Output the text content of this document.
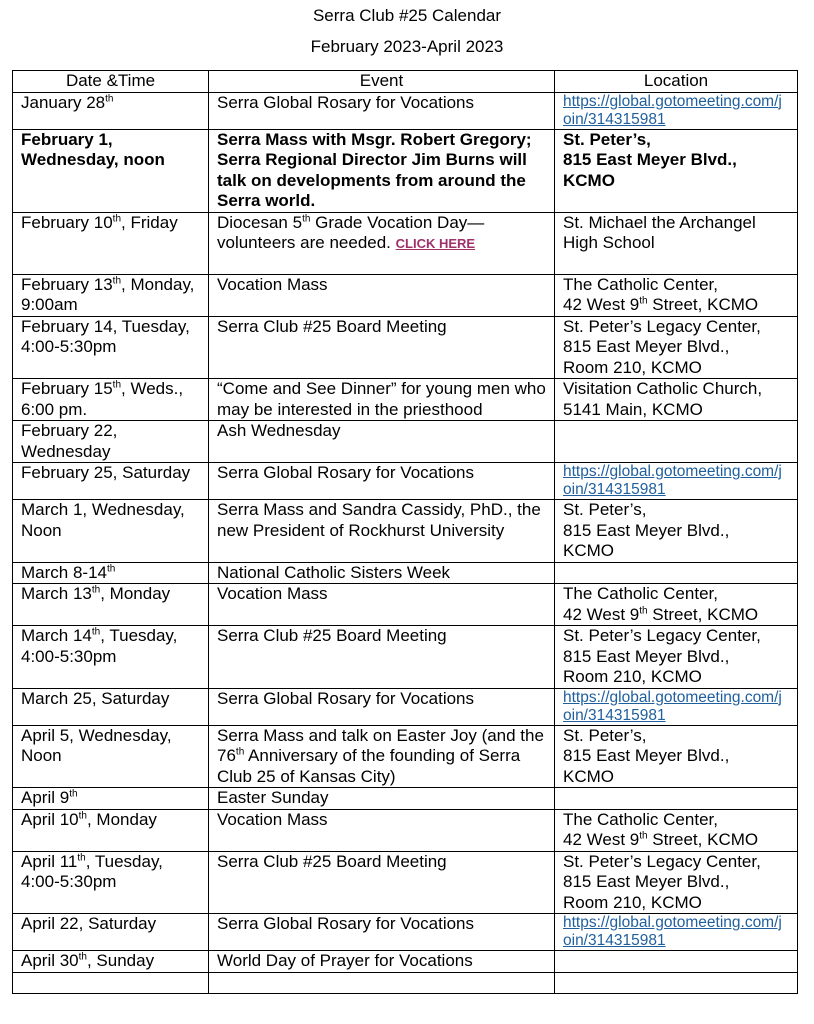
Serra Club #25 Calendar
February 2023-April 2023
Date &Time	Event	Location
January 28th	Serra Global Rosary for Vocations	https://global.gotomeeting.com/join/314315981

February 1, Wednesday, noon	Serra Mass with Msgr. Robert Gregory; Serra Regional Director Jim Burns will talk on developments from around the Serra world.	St. Peter’s,
815 East Meyer Blvd., KCMO

February 10th, Friday	Diocesan 5th Grade Vocation Day—volunteers are needed. CLICK HERE	St. Michael the Archangel High School

February 13th, Monday, 9:00am	Vocation Mass	The Catholic Center,
42 West 9th Street, KCMO

February 14, Tuesday, 4:00-5:30pm	Serra Club #25 Board Meeting	St. Peter’s Legacy Center,
815 East Meyer Blvd.,
Room 210, KCMO

February 15th, Weds., 6:00 pm.	“Come and See Dinner” for young men who may be interested in the priesthood	Visitation Catholic Church,
5141 Main, KCMO

February 22, Wednesday	Ash Wednesday	

February 25, Saturday	Serra Global Rosary for Vocations	https://global.gotomeeting.com/join/314315981

March 1, Wednesday, Noon	Serra Mass and Sandra Cassidy, PhD., the new President of Rockhurst University	St. Peter’s,
815 East Meyer Blvd.,
KCMO

March 8-14th	National Catholic Sisters Week	

March 13th, Monday	Vocation Mass	The Catholic Center,
42 West 9th Street, KCMO

March 14th, Tuesday, 4:00-5:30pm	Serra Club #25 Board Meeting	St. Peter’s Legacy Center,
815 East Meyer Blvd.,
Room 210, KCMO

March 25, Saturday	Serra Global Rosary for Vocations	https://global.gotomeeting.com/join/314315981

April 5, Wednesday, Noon	Serra Mass and talk on Easter Joy (and the 76th Anniversary of the founding of Serra Club 25 of Kansas City)	St. Peter’s,
815 East Meyer Blvd.,
KCMO

April 9th	Easter Sunday	

April 10th, Monday	Vocation Mass	The Catholic Center,
42 West 9th Street, KCMO

April 11th, Tuesday, 4:00-5:30pm	Serra Club #25 Board Meeting	St. Peter’s Legacy Center,
815 East Meyer Blvd.,
Room 210, KCMO

April 22, Saturday	Serra Global Rosary for Vocations	https://global.gotomeeting.com/join/314315981

April 30th, Sunday	World Day of Prayer for Vocations	
